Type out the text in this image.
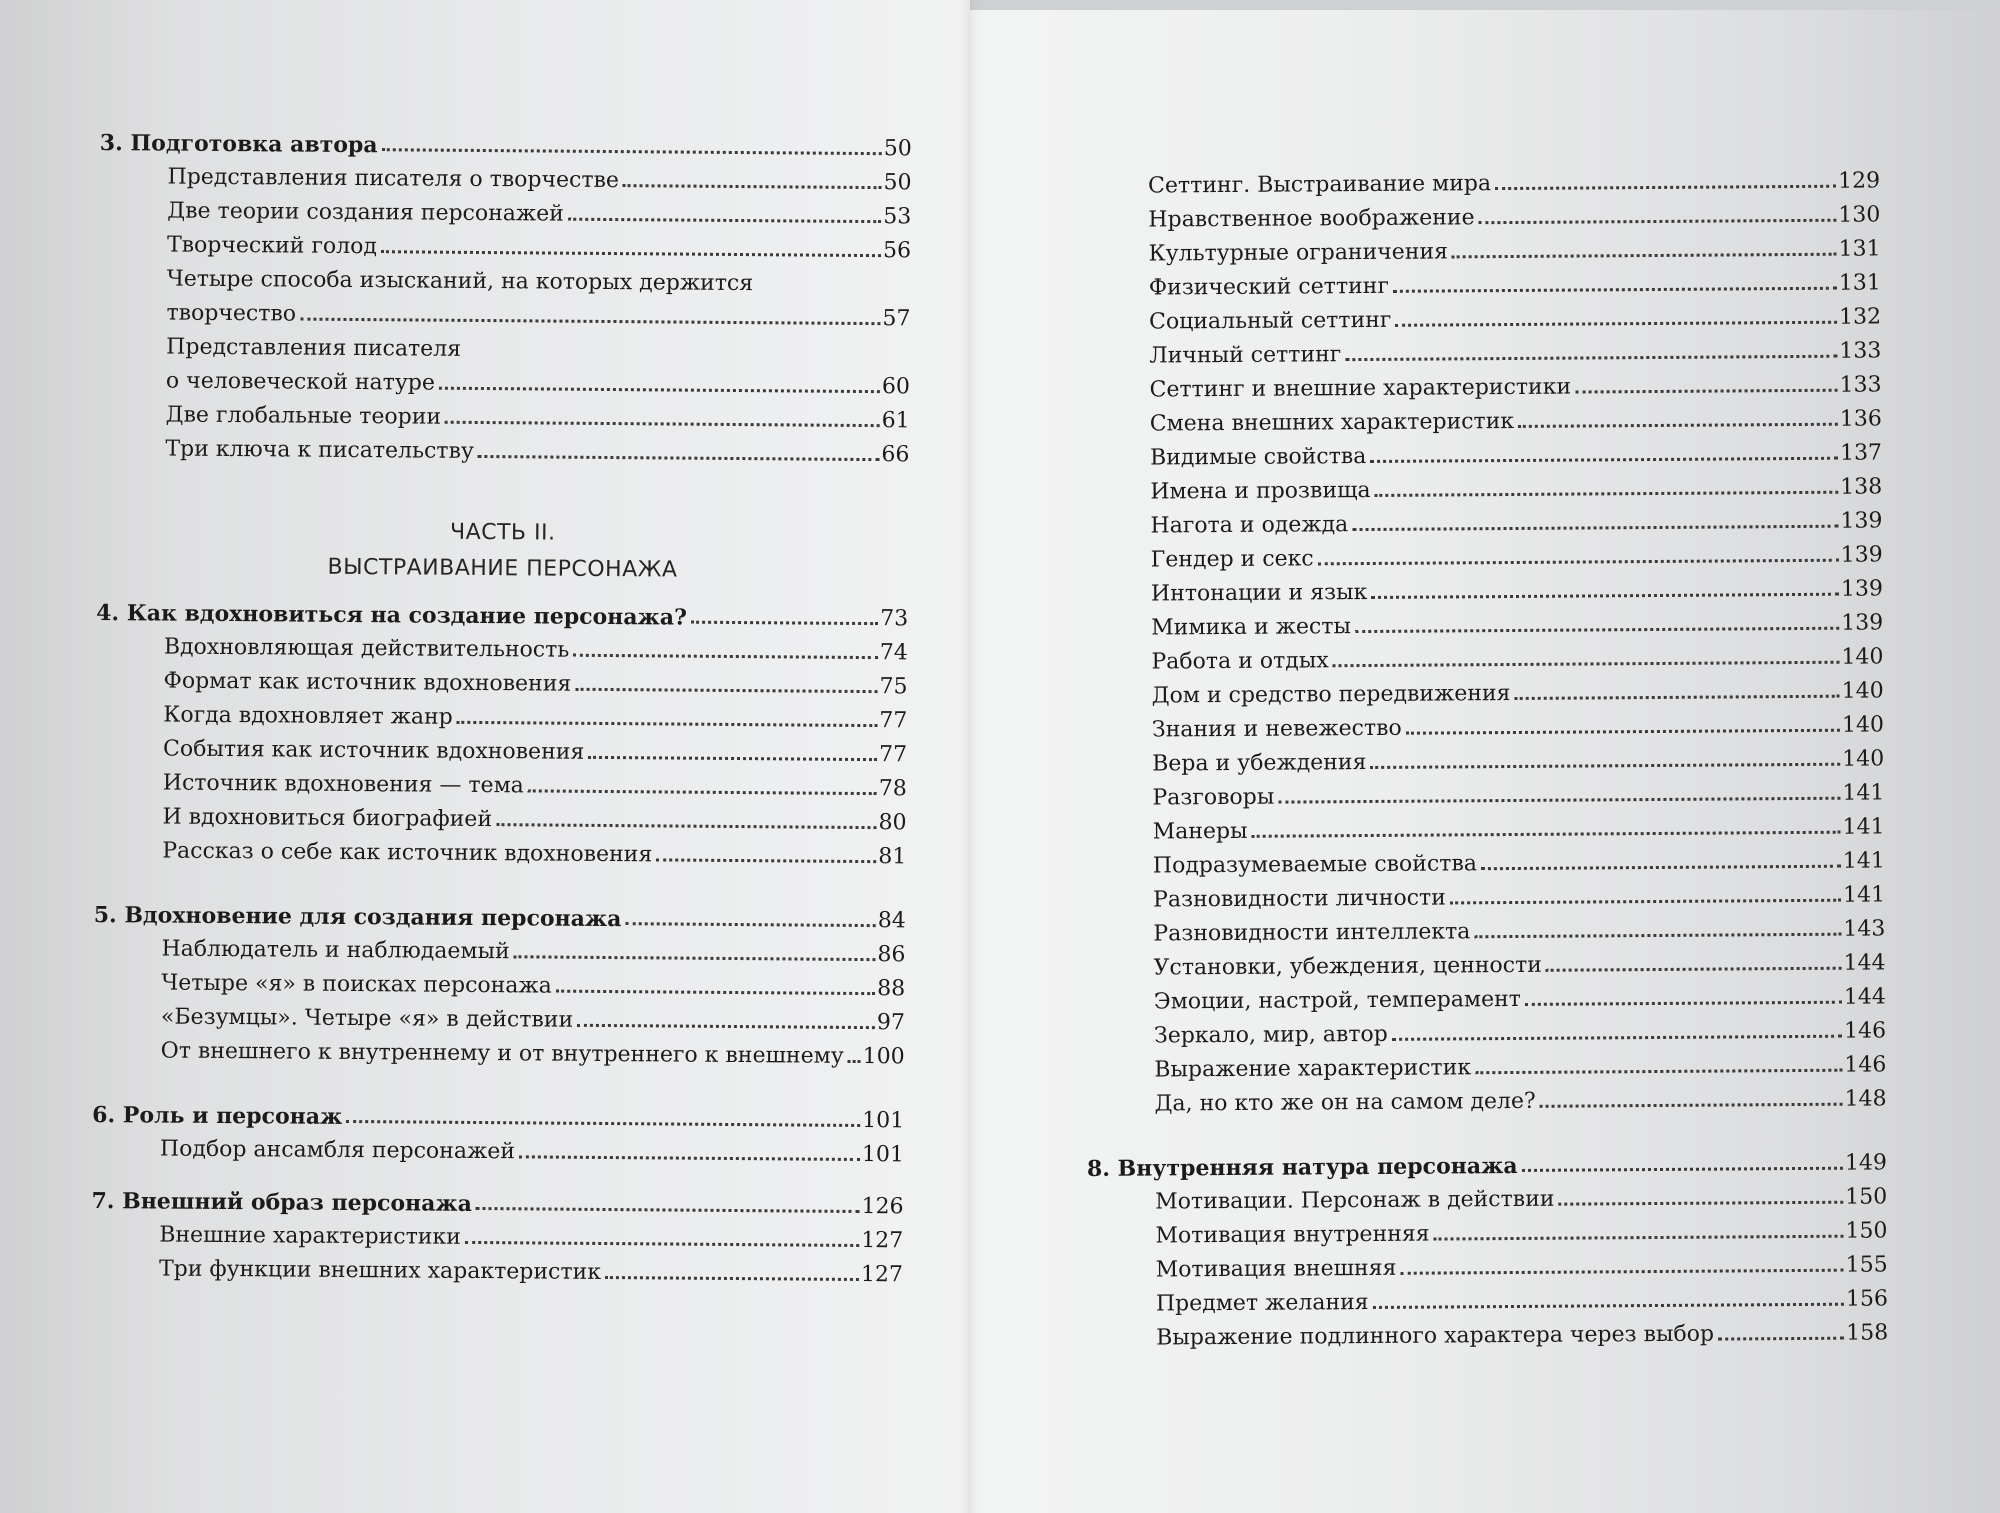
3. Подготовка автора	50
Представления писателя о творчестве	50
Две теории создания персонажей	53
Творческий голод	56
Четыре способа изысканий, на которых держится
творчество	57
Представления писателя
о человеческой натуре	60
Две глобальные теории	61
Три ключа к писательству	66
ЧАСТЬ II.
ВЫСТРАИВАНИЕ ПЕРСОНАЖА
4. Как вдохновиться на создание персонажа?	73
Вдохновляющая действительность	74
Формат как источник вдохновения	75
Когда вдохновляет жанр	77
События как источник вдохновения	77
Источник вдохновения — тема	78
И вдохновиться биографией	80
Рассказ о себе как источник вдохновения	81
5. Вдохновение для создания персонажа	84
Наблюдатель и наблюдаемый	86
Четыре «я» в поисках персонажа	88
«Безумцы». Четыре «я» в действии	97
От внешнего к внутреннему и от внутреннего к внешнему 100
6. Роль и персонаж	101
Подбор ансамбля персонажей	101
7. Внешний образ персонажа	126
Внешние характеристики	127
Три функции внешних характеристик	127
Сеттинг. Выстраивание мира	129
Нравственное воображение	130
Культурные ограничения	131
Физический сеттинг	131
Социальный сеттинг	132
Личный сеттинг	133
Сеттинг и внешние характеристики	133
Смена внешних характеристик	136
Видимые свойства	137
Имена и прозвища	138
Нагота и одежда	139
Гендер и секс	139
Интонации и язык	139
Мимика и жесты	139
Работа и отдых	140
Дом и средство передвижения	140
Знания и невежество	140
Вера и убеждения	140
Разговоры	141
Манеры	141
Подразумеваемые свойства	141
Разновидности личности	141
Разновидности интеллекта	143
Установки, убеждения, ценности	144
Эмоции, настрой, темперамент	144
Зеркало, мир, автор	146
Выражение характеристик	146
Да, но кто же он на самом деле?	148
8. Внутренняя натура персонажа	149
Мотивации. Персонаж в действии	150
Мотивация внутренняя	150
Мотивация внешняя	155
Предмет желания	156
Выражение подлинного характера через выбор	158
